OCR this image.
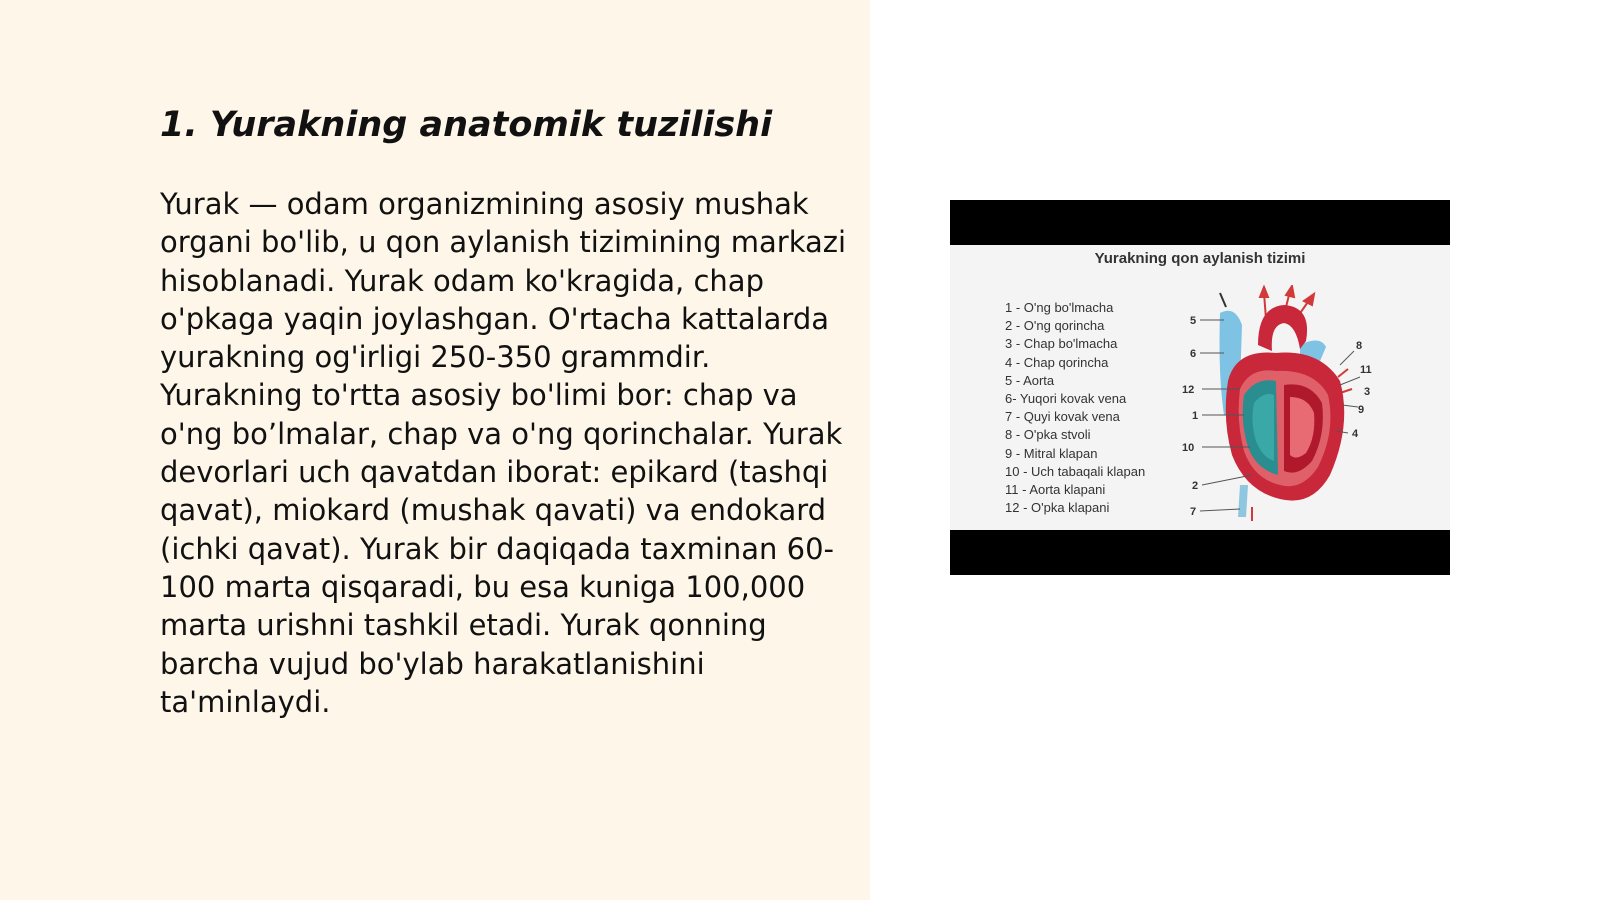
1. Yurakning anatomik tuzilishi

Yurak — odam organizmining asosiy mushak organi bo'lib, u qon aylanish tizimining markazi hisoblanadi. Yurak odam ko'kragida, chap o'pkaga yaqin joylashgan. O'rtacha kattalarda yurakning og'irligi 250-350 grammdir. Yurakning to'rtta asosiy bo'limi bor: chap va o'ng bo’lmalar, chap va o'ng qorinchalar. Yurak devorlari uch qavatdan iborat: epikard (tashqi qavat), miokard (mushak qavati) va endokard (ichki qavat). Yurak bir daqiqada taxminan 60-100 marta qisqaradi, bu esa kuniga 100,000 marta urishni tashkil etadi. Yurak qonning barcha vujud bo'ylab harakatlanishini ta'minlaydi.

Yurakning qon aylanish tizimi
1 - O'ng bo'lmacha
2 - O'ng qorincha
3 - Chap bo'lmacha
4 - Chap qorincha
5 - Aorta
6- Yuqori kovak vena
7 - Quyi kovak vena
8 - O'pka stvoli
9 - Mitral klapan
10 - Uch tabaqali klapan
11 - Aorta klapani
12 - O'pka klapani
5
6
12
1
10
2
7
8
11
3
9
4
